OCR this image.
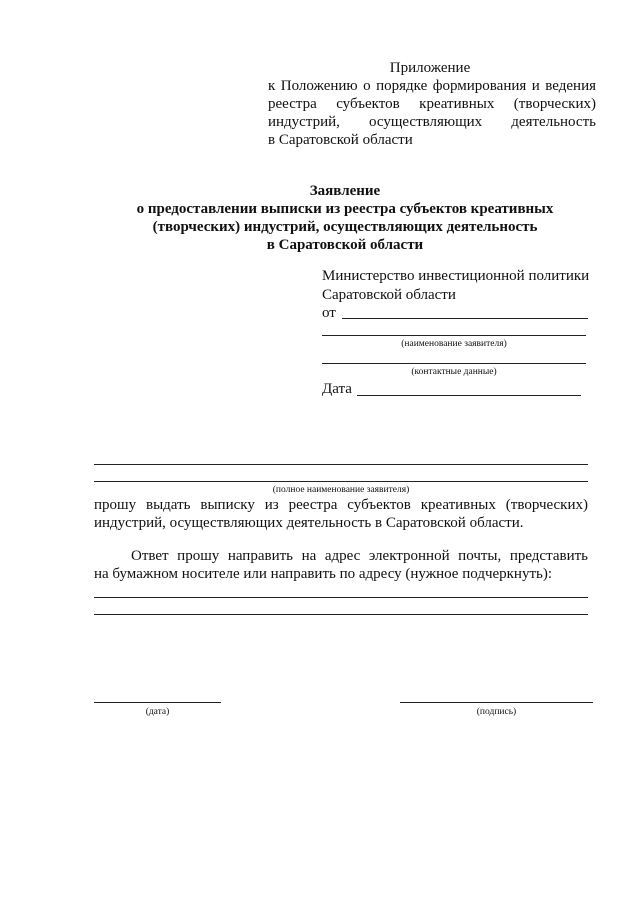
Приложение
к Положению о порядке формирования и ведения
реестра субъектов креативных (творческих)
индустрий, осуществляющих деятельность
в Саратовской области
Заявление
о предоставлении выписки из реестра субъектов креативных
(творческих) индустрий, осуществляющих деятельность
в Саратовской области
Министерство инвестиционной политики
Саратовской области
от
(наименование заявителя)
(контактные данные)
Дата
(полное наименование заявителя)
прошу выдать выписку из реестра субъектов креативных (творческих)
индустрий, осуществляющих деятельность в Саратовской области.
Ответ прошу направить на адрес электронной почты, представить
на бумажном носителе или направить по адресу (нужное подчеркнуть):
(дата)	(подпись)
